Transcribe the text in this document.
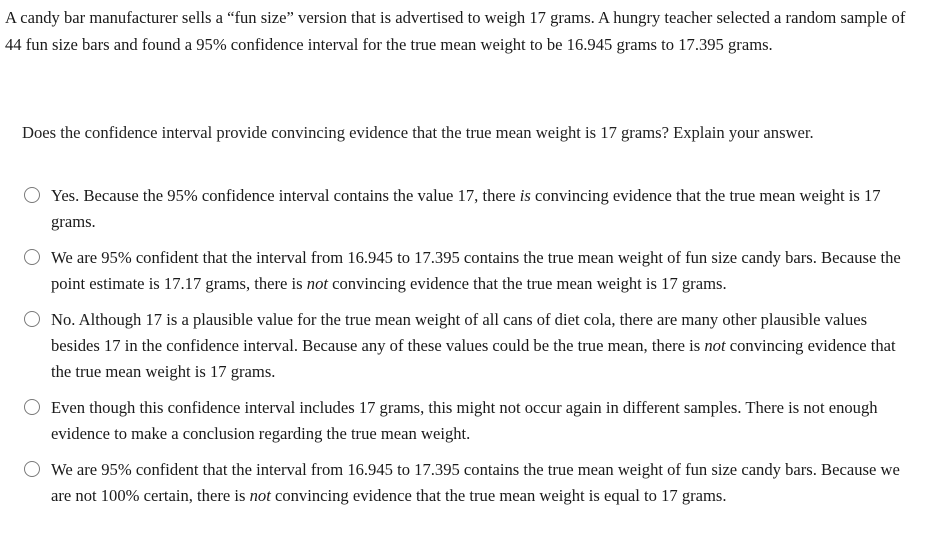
A candy bar manufacturer sells a “fun size” version that is advertised to weigh 17 grams. A hungry teacher selected a random sample of 44 fun size bars and found a 95% confidence interval for the true mean weight to be 16.945 grams to 17.395 grams.

Does the confidence interval provide convincing evidence that the true mean weight is 17 grams? Explain your answer.

Yes. Because the 95% confidence interval contains the value 17, there is convincing evidence that the true mean weight is 17 grams.
We are 95% confident that the interval from 16.945 to 17.395 contains the true mean weight of fun size candy bars. Because the point estimate is 17.17 grams, there is not convincing evidence that the true mean weight is 17 grams.
No. Although 17 is a plausible value for the true mean weight of all cans of diet cola, there are many other plausible values besides 17 in the confidence interval. Because any of these values could be the true mean, there is not convincing evidence that the true mean weight is 17 grams.
Even though this confidence interval includes 17 grams, this might not occur again in different samples. There is not enough evidence to make a conclusion regarding the true mean weight.
We are 95% confident that the interval from 16.945 to 17.395 contains the true mean weight of fun size candy bars. Because we are not 100% certain, there is not convincing evidence that the true mean weight is equal to 17 grams.
